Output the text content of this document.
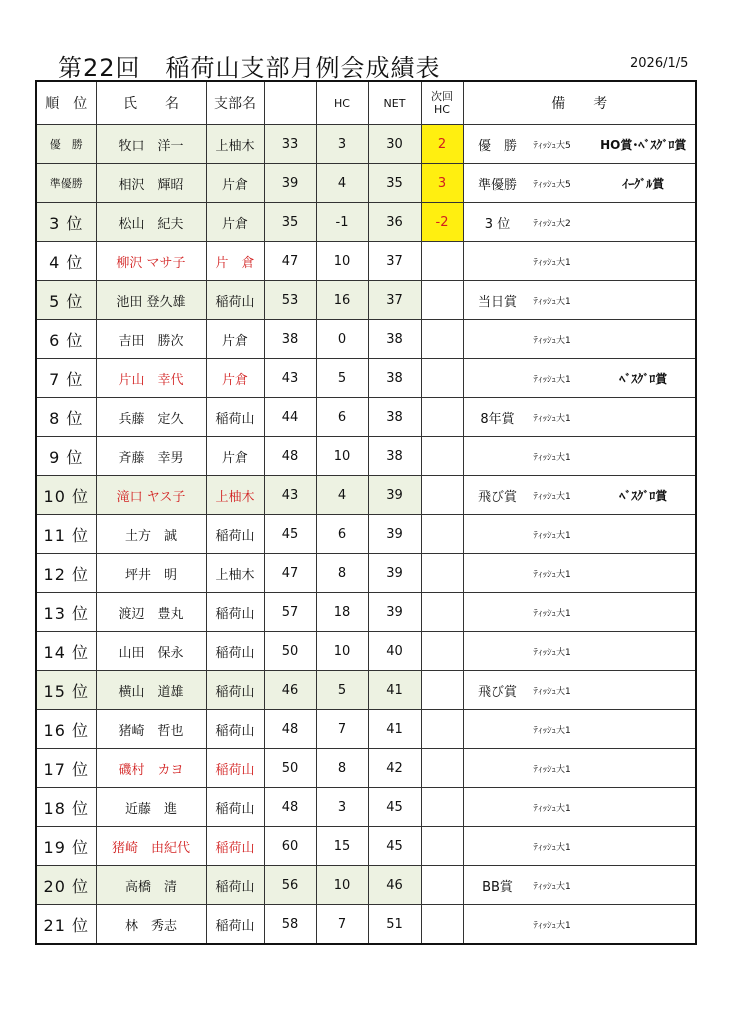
第22回　稲荷山支部月例会成績表	2026/1/5
順　位	氏　　名	支部名		HC	NET	次回
HC	備　　考
優　勝	牧口　洋一	上柚木	33	3	30	2	優　勝 ﾃｨｯｼｭ大5 HO賞･ﾍﾞｽｸﾞﾛ賞

準優勝	相沢　輝昭	片倉	39	4	35	3	準優勝 ﾃｨｯｼｭ大5 ｲｰｸﾞﾙ賞

3 位	松山　紀夫	片倉	35	-1	36	-2	3 位 ﾃｨｯｼｭ大2

4 位	柳沢 マサ子	片　倉	47	10	37		ﾃｨｯｼｭ大1

5 位	池田 登久雄	稲荷山	53	16	37		当日賞 ﾃｨｯｼｭ大1

6 位	吉田　勝次	片倉	38	0	38		ﾃｨｯｼｭ大1

7 位	片山　幸代	片倉	43	5	38		ﾃｨｯｼｭ大1 ﾍﾞｽｸﾞﾛ賞

8 位	兵藤　定久	稲荷山	44	6	38		8年賞 ﾃｨｯｼｭ大1

9 位	斉藤　幸男	片倉	48	10	38		ﾃｨｯｼｭ大1

10 位	滝口 ヤス子	上柚木	43	4	39		飛び賞 ﾃｨｯｼｭ大1 ﾍﾞｽｸﾞﾛ賞

11 位	土方　誠	稲荷山	45	6	39		ﾃｨｯｼｭ大1

12 位	坪井　明	上柚木	47	8	39		ﾃｨｯｼｭ大1

13 位	渡辺　豊丸	稲荷山	57	18	39		ﾃｨｯｼｭ大1

14 位	山田　保永	稲荷山	50	10	40		ﾃｨｯｼｭ大1

15 位	横山　道雄	稲荷山	46	5	41		飛び賞 ﾃｨｯｼｭ大1

16 位	猪崎　哲也	稲荷山	48	7	41		ﾃｨｯｼｭ大1

17 位	磯村　カヨ	稲荷山	50	8	42		ﾃｨｯｼｭ大1

18 位	近藤　進	稲荷山	48	3	45		ﾃｨｯｼｭ大1

19 位	猪崎　由紀代	稲荷山	60	15	45		ﾃｨｯｼｭ大1

20 位	高橋　清	稲荷山	56	10	46		BB賞 ﾃｨｯｼｭ大1

21 位	林　秀志	稲荷山	58	7	51		ﾃｨｯｼｭ大1
